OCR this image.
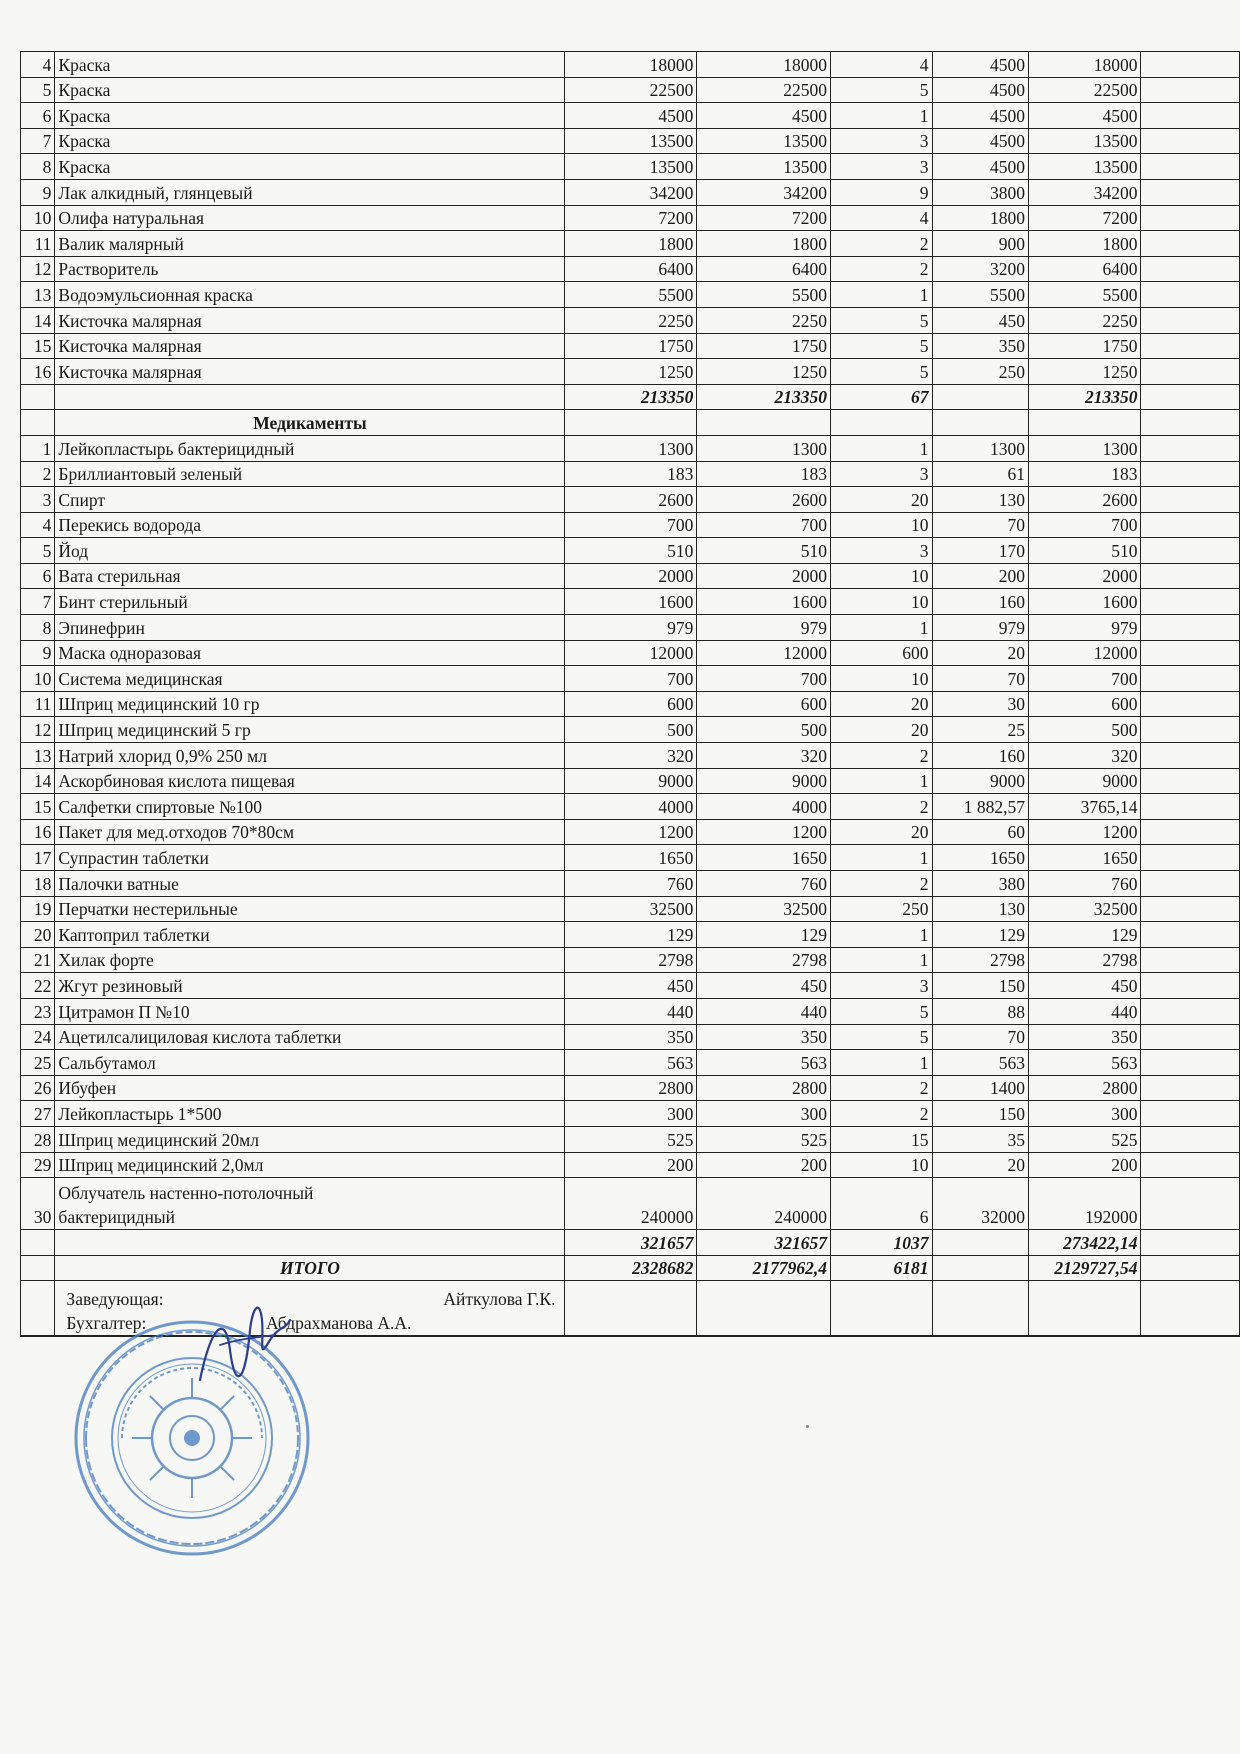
4	Краска	18000	18000	4	4500	18000	
5	Краска	22500	22500	5	4500	22500	
6	Краска	4500	4500	1	4500	4500	
7	Краска	13500	13500	3	4500	13500	
8	Краска	13500	13500	3	4500	13500	
9	Лак алкидный, глянцевый	34200	34200	9	3800	34200	
10	Олифа натуральная	7200	7200	4	1800	7200	
11	Валик малярный	1800	1800	2	900	1800	
12	Растворитель	6400	6400	2	3200	6400	
13	Водоэмульсионная краска	5500	5500	1	5500	5500	
14	Кисточка малярная	2250	2250	5	450	2250	
15	Кисточка малярная	1750	1750	5	350	1750	
16	Кисточка малярная	1250	1250	5	250	1250	
		213350	213350	67		213350	
	Медикаменты						
1	Лейкопластырь бактерицидный	1300	1300	1	1300	1300	
2	Бриллиантовый зеленый	183	183	3	61	183	
3	Спирт	2600	2600	20	130	2600	
4	Перекись водорода	700	700	10	70	700	
5	Йод	510	510	3	170	510	
6	Вата стерильная	2000	2000	10	200	2000	
7	Бинт стерильный	1600	1600	10	160	1600	
8	Эпинефрин	979	979	1	979	979	
9	Маска одноразовая	12000	12000	600	20	12000	
10	Система медицинская	700	700	10	70	700	
11	Шприц медицинский 10 гр	600	600	20	30	600	
12	Шприц медицинский 5 гр	500	500	20	25	500	
13	Натрий хлорид 0,9% 250 мл	320	320	2	160	320	
14	Аскорбиновая кислота пищевая	9000	9000	1	9000	9000	
15	Салфетки спиртовые №100	4000	4000	2	1 882,57	3765,14	
16	Пакет для мед.отходов 70*80см	1200	1200	20	60	1200	
17	Супрастин таблетки	1650	1650	1	1650	1650	
18	Палочки ватные	760	760	2	380	760	
19	Перчатки нестерильные	32500	32500	250	130	32500	
20	Каптоприл таблетки	129	129	1	129	129	
21	Хилак форте	2798	2798	1	2798	2798	
22	Жгут резиновый	450	450	3	150	450	
23	Цитрамон П №10	440	440	5	88	440	
24	Ацетилсалициловая кислота таблетки	350	350	5	70	350	
25	Сальбутамол	563	563	1	563	563	
26	Ибуфен	2800	2800	2	1400	2800	
27	Лейкопластырь 1*500	300	300	2	150	300	
28	Шприц медицинский 20мл	525	525	15	35	525	
29	Шприц медицинский 2,0мл	200	200	10	20	200	
30	Облучатель настенно-потолочный
бактерицидный	240000	240000	6	32000	192000	
		321657	321657	1037		273422,14	
	ИТОГО	2328682	2177962,4	6181		2129727,54	
	Заведующая: Айткулова Г.К.						

	Бухгалтер: Абдрахманова А.А.						
